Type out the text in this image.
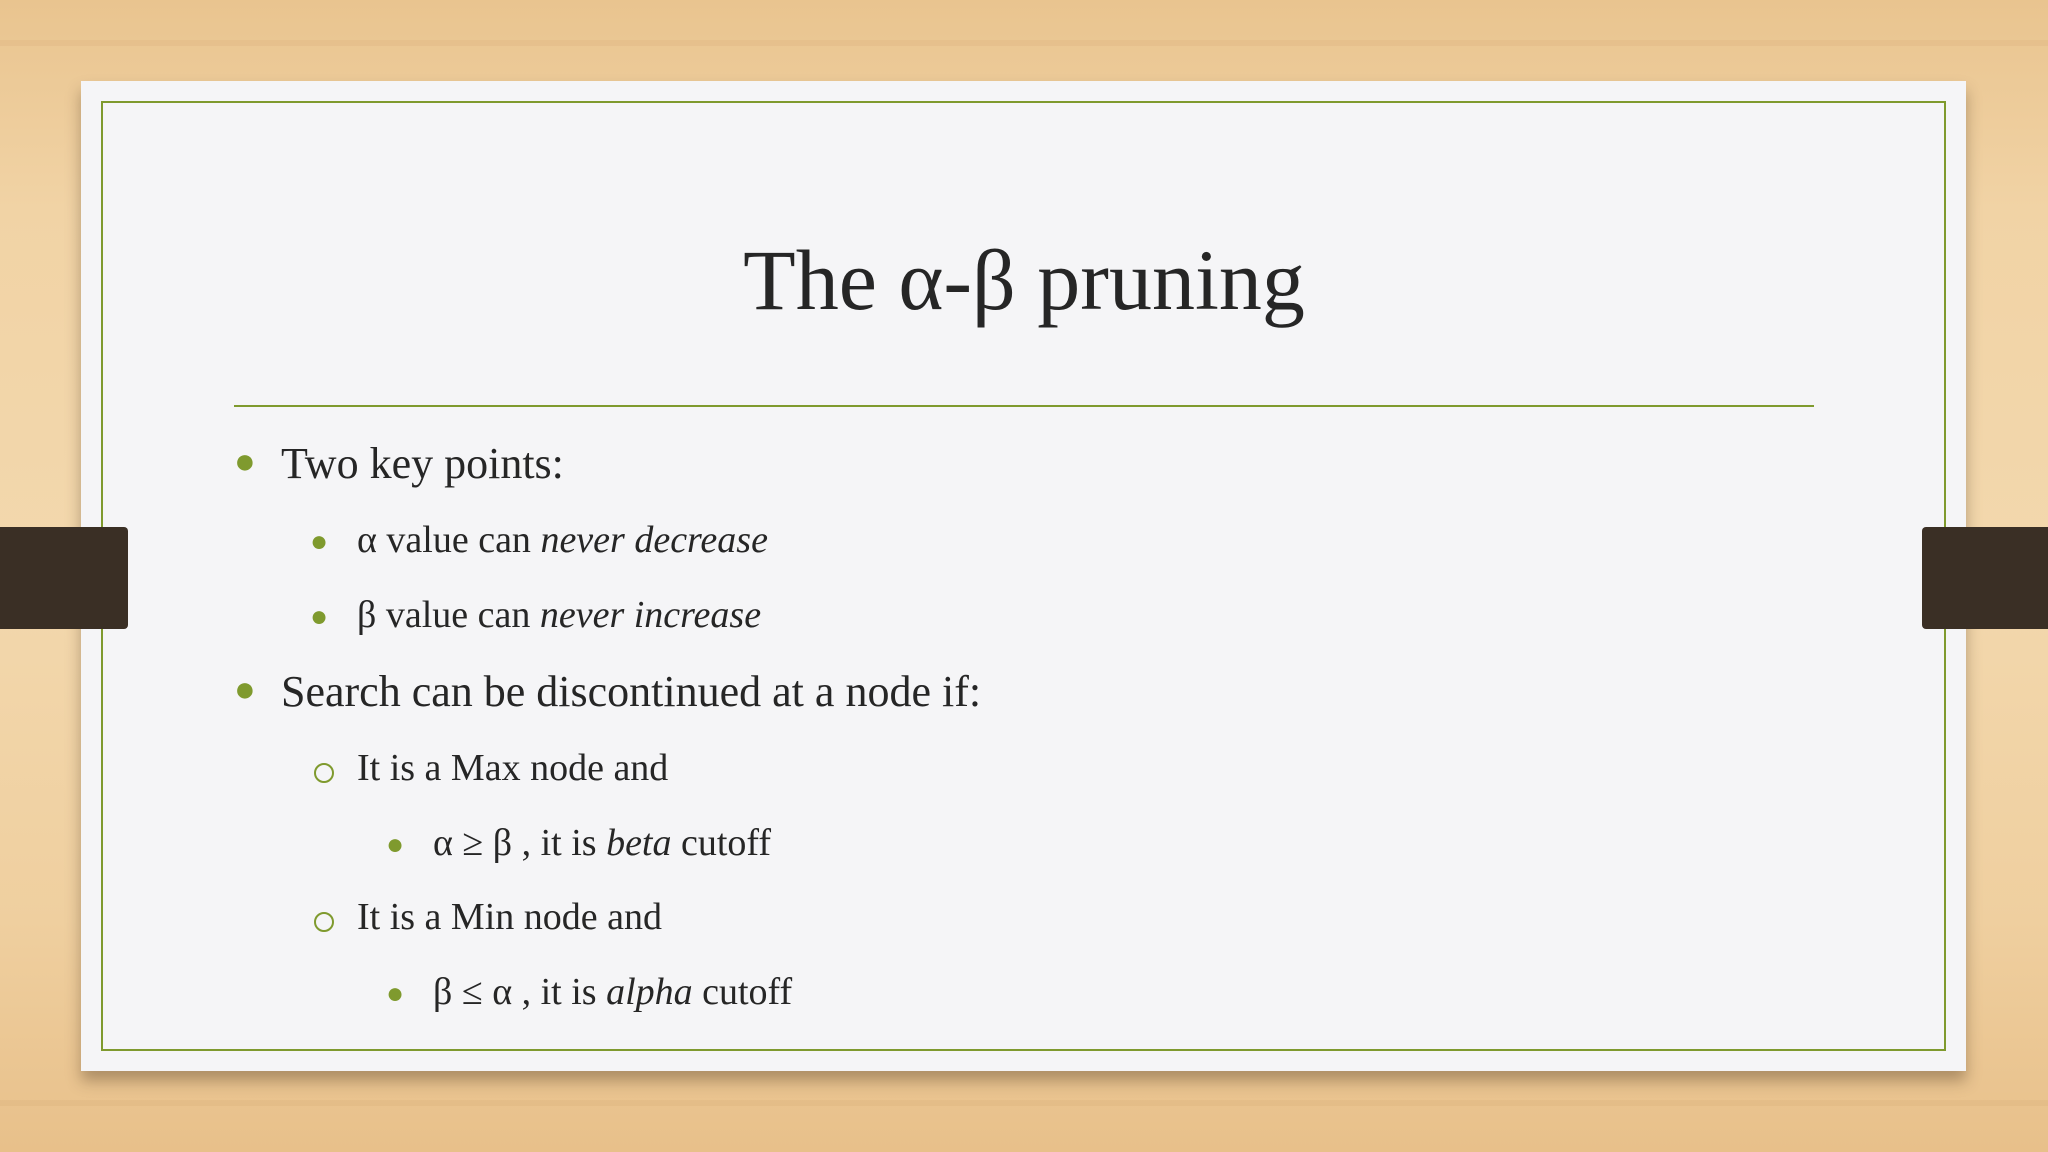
The α-β pruning
● Two key points:
● α value can never decrease
● β value can never increase
● Search can be discontinued at a node if:
It is a Max node and
● α ≥ β , it is beta cutoff
It is a Min node and
● β ≤ α , it is alpha cutoff
